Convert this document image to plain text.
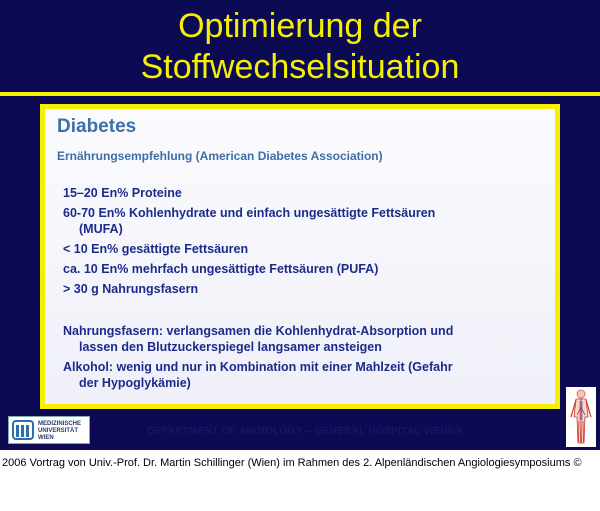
Optimierung der
Stoffwechselsituation
Diabetes
Ernährungsempfehlung (American Diabetes Association)
15–20 En% Proteine
60-70 En% Kohlenhydrate und einfach ungesättigte Fettsäuren
(MUFA)
< 10 En% gesättigte Fettsäuren
ca. 10 En% mehrfach ungesättigte Fettsäuren (PUFA)
> 30 g Nahrungsfasern
Nahrungsfasern: verlangsamen die Kohlenhydrat-Absorption und
lassen den Blutzuckerspiegel langsamer ansteigen
Alkohol: wenig und nur in Kombination mit einer Mahlzeit (Gefahr
der Hypoglykämie)
MEDIZINISCHE
UNIVERSITÄT
WIEN
DEPARTMENT OF ANGIOLOGY – GENERAL HOSPITAL VIENNA
2006 Vortrag von Univ.-Prof. Dr. Martin Schillinger (Wien) im Rahmen des 2. Alpenländischen Angiologiesymposiums ©
